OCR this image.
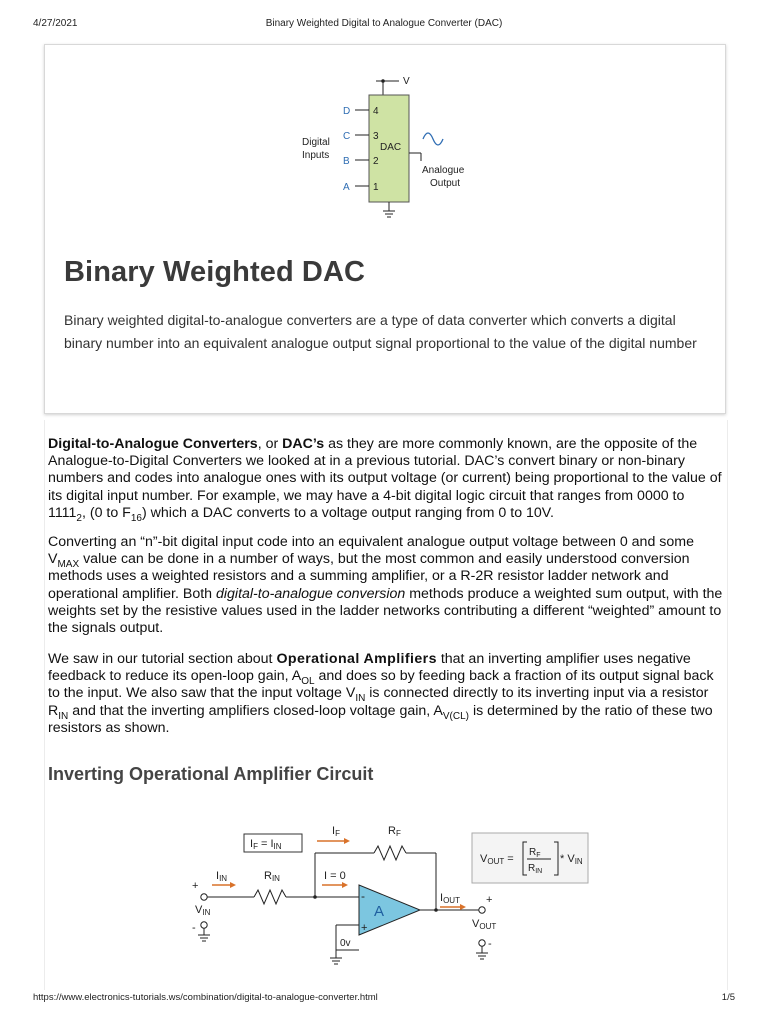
4/27/2021	Binary Weighted Digital to Analogue Converter (DAC)
V
DAC
D
C
B
A
4
3
2
1
Digital
Inputs
Analogue
Output
Binary Weighted DAC

Binary weighted digital-to-analogue converters are a type of data converter which converts a digital binary number into an equivalent analogue output signal proportional to the value of the digital number

Digital-to-Analogue Converters, or DAC’s as they are more commonly known, are the opposite of the Analogue-to-Digital Converters we looked at in a previous tutorial. DAC’s convert binary or non-binary numbers and codes into analogue ones with its output voltage (or current) being proportional to the value of its digital input number. For example, we may have a 4-bit digital logic circuit that ranges from 0000 to $1111_2$, (0 to $F_{16}$) which a DAC converts to a voltage output ranging from 0 to 10V.

Converting an “n”-bit digital input code into an equivalent analogue output voltage between 0 and some $V_{MAX}$ value can be done in a number of ways, but the most common and easily understood conversion methods uses a weighted resistors and a summing amplifier, or a R-2R resistor ladder network and operational amplifier. Both digital-to-analogue conversion methods produce a weighted sum output, with the weights set by the resistive values used in the ladder networks contributing a different “weighted” amount to the signals output.

We saw in our tutorial section about Operational Amplifiers that an inverting amplifier uses negative feedback to reduce its open-loop gain, $A_{OL}$ and does so by feeding back a fraction of its output signal back to the input. We also saw that the input voltage $V_{IN}$ is connected directly to its inverting input via a resistor $R_{IN}$ and that the inverting amplifiers closed-loop voltage gain, $A_{V(CL)}$ is determined by the ratio of these two resistors as shown.

Inverting Operational Amplifier Circuit
IF = IIN
IF	RF
IIN	RIN	I = 0
+
VIN
-
-
+
A
0v
IOUT +
VOUT
-
VOUT =
$R_F$
$R_{IN}$
* VIN
https://www.electronics-tutorials.ws/combination/digital-to-analogue-converter.html	1/5
